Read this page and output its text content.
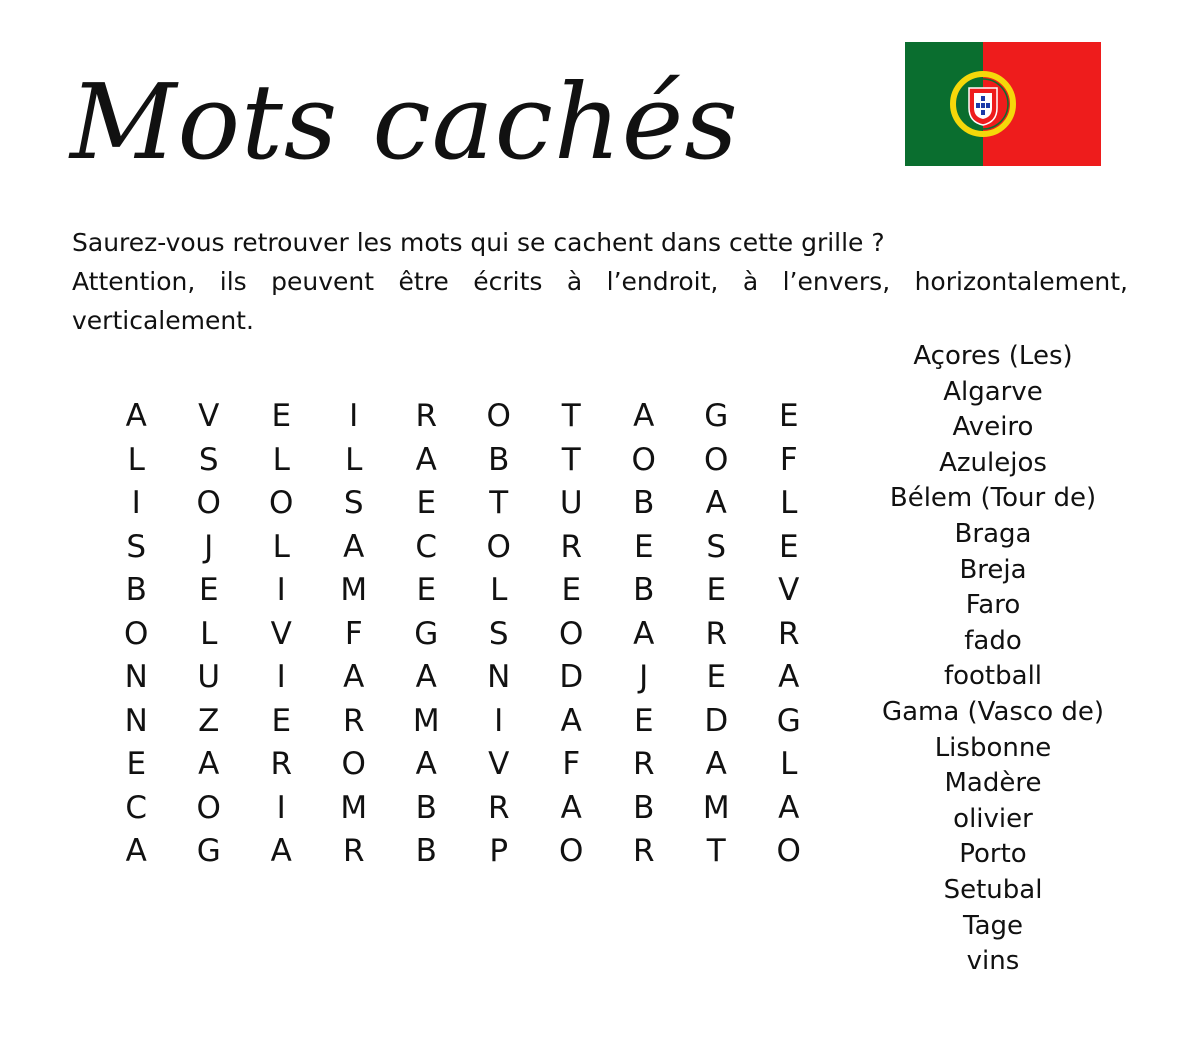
Mots cachés

Saurez-vous retrouver les mots qui se cachent dans cette grille ?

Attention, ils peuvent être écrits à l’endroit, à l’envers, horizontalement, verticalement.

A	V	E	I	R	O	T	A	G	E
L	S	L	L	A	B	T	O	O	F
I	O	O	S	E	T	U	B	A	L
S	J	L	A	C	O	R	E	S	E
B	E	I	M	E	L	E	B	E	V
O	L	V	F	G	S	O	A	R	R
N	U	I	A	A	N	D	J	E	A
N	Z	E	R	M	I	A	E	D	G
E	A	R	O	A	V	F	R	A	L
C	O	I	M	B	R	A	B	M	A
A	G	A	R	B	P	O	R	T	O
Açores (Les)
Algarve
Aveiro
Azulejos
Bélem (Tour de)
Braga
Breja
Faro
fado
football
Gama (Vasco de)
Lisbonne
Madère
olivier
Porto
Setubal
Tage
vins
